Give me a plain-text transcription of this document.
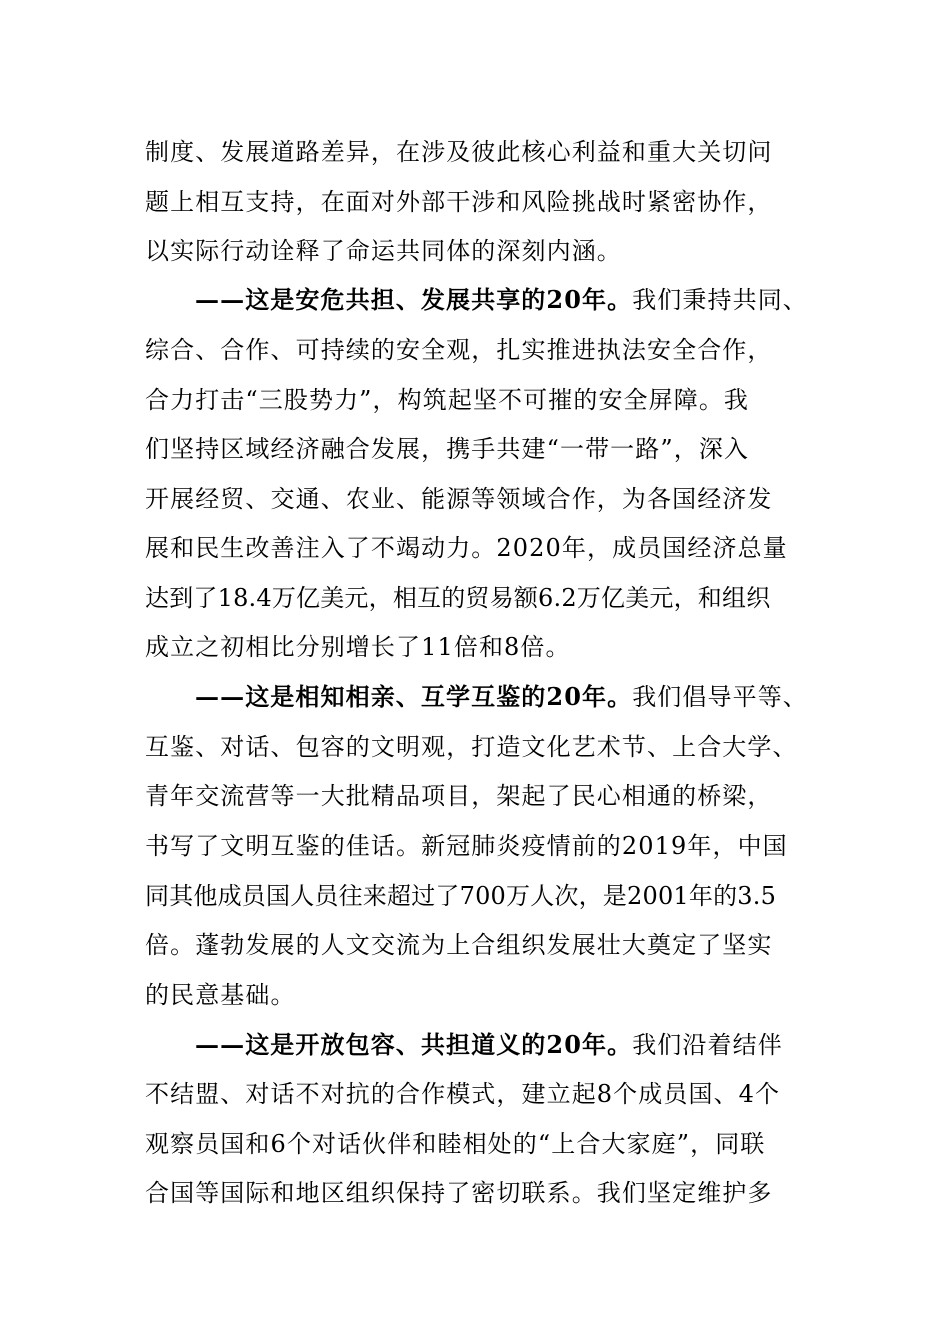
制度、发展道路差异，在涉及彼此核心利益和重大关切问
题上相互支持，在面对外部干涉和风险挑战时紧密协作，
以实际行动诠释了命运共同体的深刻内涵。
——这是安危共担、发展共享的20年。我们秉持共同、
综合、合作、可持续的安全观，扎实推进执法安全合作，
合力打击“三股势力”，构筑起坚不可摧的安全屏障。我
们坚持区域经济融合发展，携手共建“一带一路”，深入
开展经贸、交通、农业、能源等领域合作，为各国经济发
展和民生改善注入了不竭动力。2020年，成员国经济总量
达到了18.4万亿美元，相互的贸易额6.2万亿美元，和组织
成立之初相比分别增长了11倍和8倍。
——这是相知相亲、互学互鉴的20年。我们倡导平等、
互鉴、对话、包容的文明观，打造文化艺术节、上合大学、
青年交流营等一大批精品项目，架起了民心相通的桥梁，
书写了文明互鉴的佳话。新冠肺炎疫情前的2019年，中国
同其他成员国人员往来超过了700万人次，是2001年的3.5
倍。蓬勃发展的人文交流为上合组织发展壮大奠定了坚实
的民意基础。
——这是开放包容、共担道义的20年。我们沿着结伴
不结盟、对话不对抗的合作模式，建立起8个成员国、4个
观察员国和6个对话伙伴和睦相处的“上合大家庭”，同联
合国等国际和地区组织保持了密切联系。我们坚定维护多
